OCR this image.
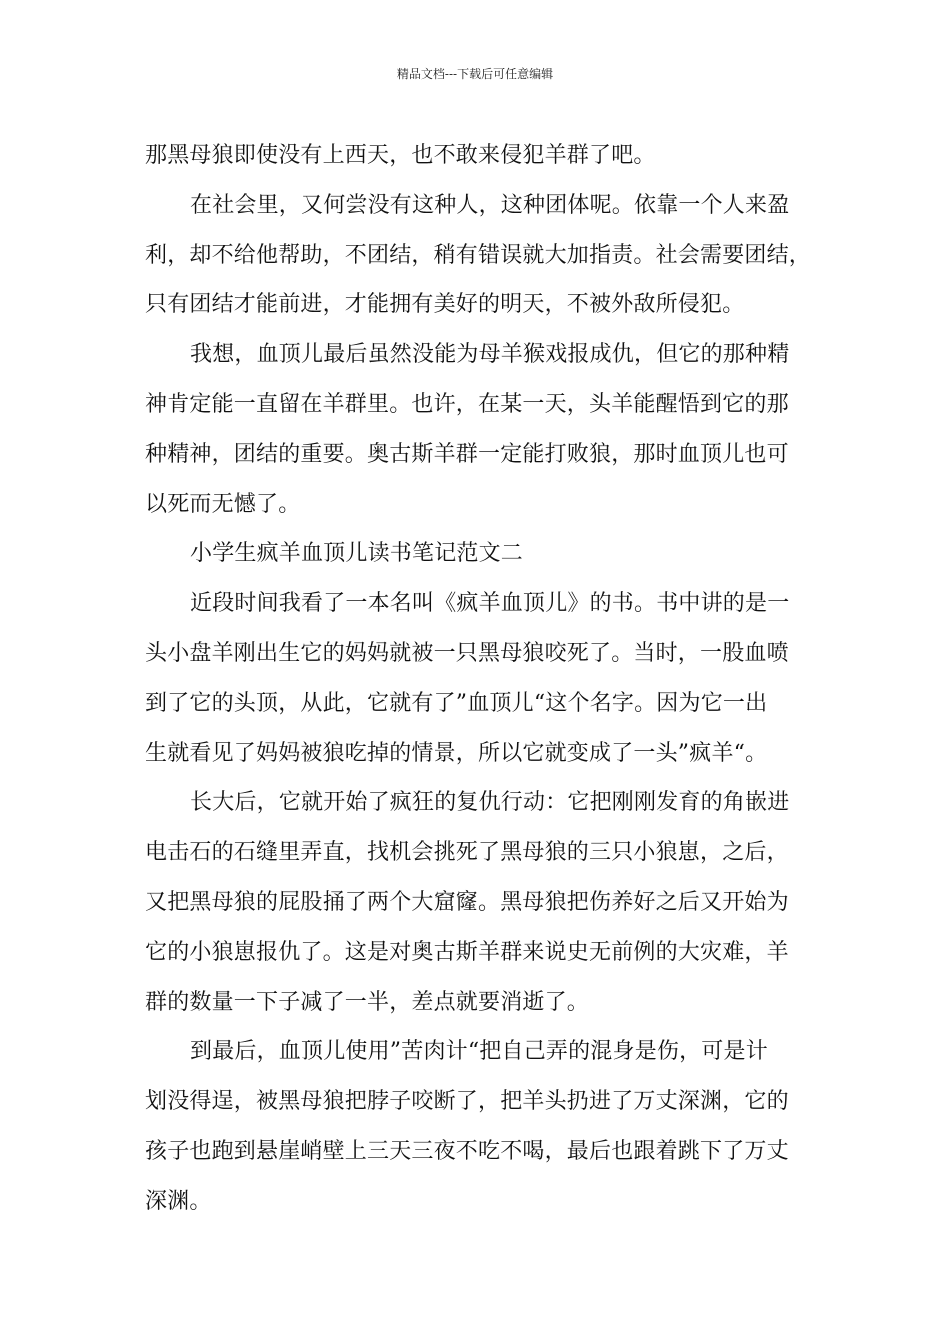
精品文档---下载后可任意编辑
那黑母狼即使没有上西天，也不敢来侵犯羊群了吧。
在社会里，又何尝没有这种人，这种团体呢。依靠一个人来盈
利，却不给他帮助，不团结，稍有错误就大加指责。社会需要团结，
只有团结才能前进，才能拥有美好的明天，不被外敌所侵犯。
我想，血顶儿最后虽然没能为母羊猴戏报成仇，但它的那种精
神肯定能一直留在羊群里。也许，在某一天，头羊能醒悟到它的那
种精神，团结的重要。奥古斯羊群一定能打败狼，那时血顶儿也可
以死而无憾了。
小学生疯羊血顶儿读书笔记范文二
近段时间我看了一本名叫《疯羊血顶儿》的书。书中讲的是一
头小盘羊刚出生它的妈妈就被一只黑母狼咬死了。当时，一股血喷
到了它的头顶，从此，它就有了”血顶儿“这个名字。因为它一出
生就看见了妈妈被狼吃掉的情景，所以它就变成了一头”疯羊“。
长大后，它就开始了疯狂的复仇行动：它把刚刚发育的角嵌进
电击石的石缝里弄直，找机会挑死了黑母狼的三只小狼崽，之后，
又把黑母狼的屁股捅了两个大窟窿。黑母狼把伤养好之后又开始为
它的小狼崽报仇了。这是对奥古斯羊群来说史无前例的大灾难，羊
群的数量一下子减了一半，差点就要消逝了。
到最后，血顶儿使用”苦肉计“把自己弄的混身是伤，可是计
划没得逞，被黑母狼把脖子咬断了，把羊头扔进了万丈深渊，它的
孩子也跑到悬崖峭壁上三天三夜不吃不喝，最后也跟着跳下了万丈
深渊。
